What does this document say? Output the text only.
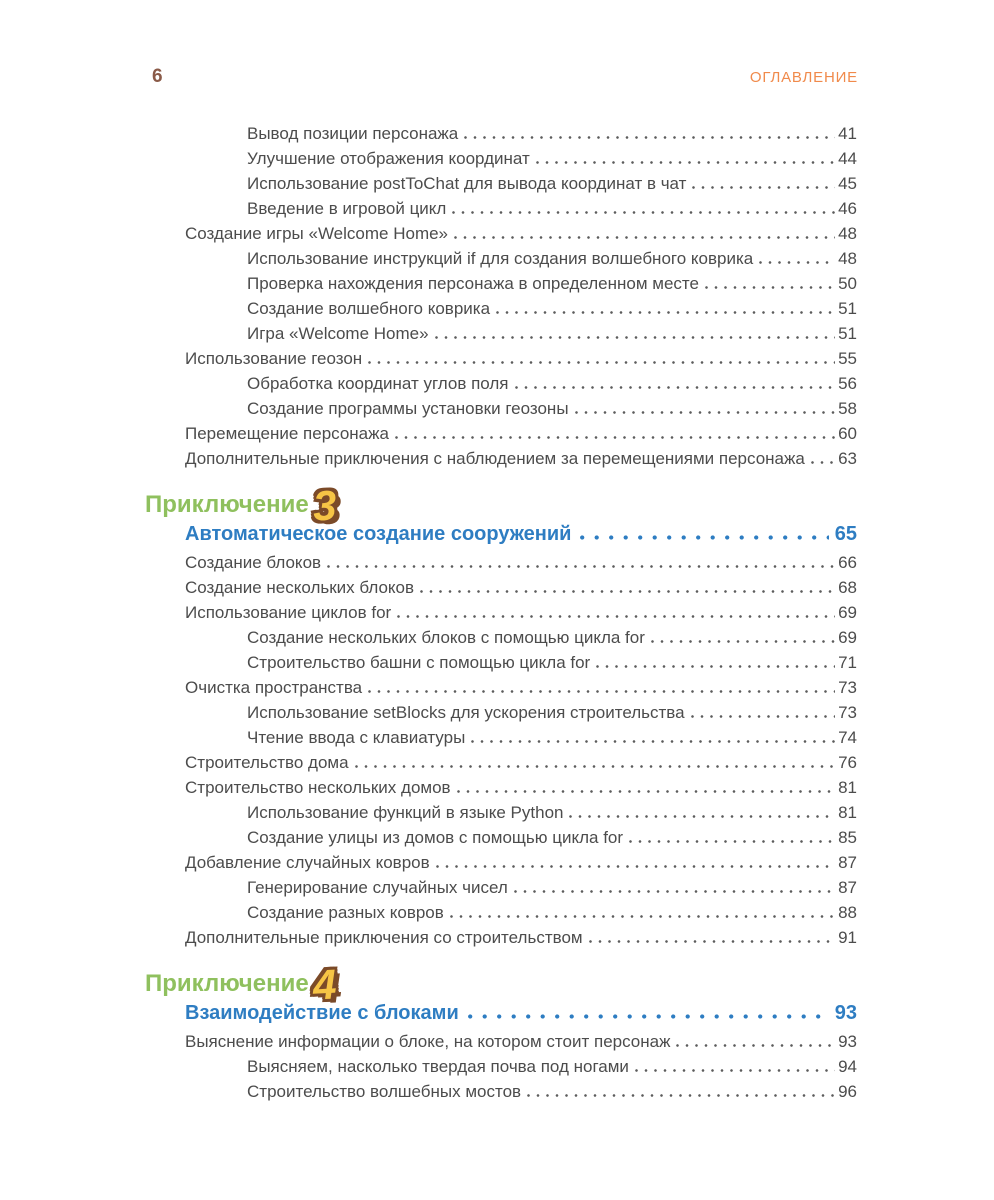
6	ОГЛАВЛЕНИЕ
Вывод позиции персонажа	41
Улучшение отображения координат	44
Использование postToChat для вывода координат в чат	45
Введение в игровой цикл	46
Создание игры «Welcome Home»	48
Использование инструкций if для создания волшебного коврика	48
Проверка нахождения персонажа в определенном месте	50
Создание волшебного коврика	51
Игра «Welcome Home»	51
Использование геозон	55
Обработка координат углов поля	56
Создание программы установки геозоны	58
Перемещение персонажа	60
Дополнительные приключения с наблюдением за перемещениями персонажа 63
Приключение 3
Автоматическое создание сооружений	65
Создание блоков	66
Создание нескольких блоков	68
Использование циклов for	69
Создание нескольких блоков с помощью цикла for	69
Строительство башни с помощью цикла for	71
Очистка пространства	73
Использование setBlocks для ускорения строительства	73
Чтение ввода с клавиатуры	74
Строительство дома	76
Строительство нескольких домов	81
Использование функций в языке Python	81
Создание улицы из домов с помощью цикла for	85
Добавление случайных ковров	87
Генерирование случайных чисел	87
Создание разных ковров	88
Дополнительные приключения со строительством	91
Приключение 4
Взаимодействие с блоками	93
Выяснение информации о блоке, на котором стоит персонаж	93
Выясняем, насколько твердая почва под ногами	94
Строительство волшебных мостов	96
